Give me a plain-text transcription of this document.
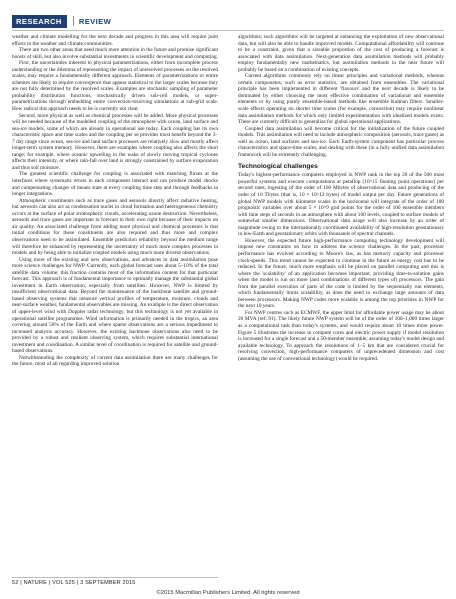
RESEARCH	REVIEW

weather and climate modelling for the next decade and progress in this area will require joint efforts in the weather and climate communities.

There are two other areas that need much more attention in the future and promise significant boosts of skill, but also involve substantial investments in scientific development and computing.

First, the uncertainties inherent to physical parametrizations, either from incomplete process understanding or the dilemma of representing the impact of unresolved processes on the resolved scales, may require a fundamentally different approach. Elements of parametrizations or entire schemes are likely to require convergence that appear statistical to the larger scales because they are not fully determined by the resolved scales. Examples are stochastic sampling of parameter probability distribution functions, stochastically driven sub-cell models, or super-parametrizations through embedding entire convection-resolving simulations at sub-grid scale. How radical this approach needs to be is currently not clear.

Second, more physical as well as chemical processes will be added. More physical processes will be needed because of the modelled coupling of the atmosphere with ocean, land surface and sea-ice models, some of which are already in operational use today. Each coupling has its own characteristic space and time scales and the coupling per se provides most benefit beyond the 3–7 day range since ocean, sea-ice and land surface processes are relatively slow and mostly affect longer-term system memory. However, there are examples where coupling also affects the short range; for example, where oceanic upwelling in the wake of slowly moving tropical cyclones affects their intensity, or where rain-fall over land is strongly constrained by surface evaporation and thus soil moisture.

The greatest scientific challenge for coupling is associated with matching fluxes at the interfaces where systematic errors in each component interact and can produce model shocks and compensating changes of means state at every coupling time step and through feedbacks in longer integrations.

Atmospheric constituents such as trace gases and aerosols directly affect radiative heating, but aerosols can also act as condensation nuclei in cloud formation and heterogeneous chemistry occurs at the surface of polar stratospheric clouds, accelerating ozone destruction. Nevertheless, aerosols and trace gases are important to forecast in their own right because of their impacts on air quality. An associated challenge from adding more physical and chemical processes is that initial conditions for these constituents are also required and thus more and complex observations need to be assimilated. Ensemble prediction reliability beyond the medium range will therefore be enhanced by representing the uncertainty of much more complex processes in models and by being able to initialize coupled models using much more diverse observations.

Using more of the existing and new observations, and advances in data assimilation pose more science challenges for NWP. Currently, each global forecast uses about 5–10% of the total satellite data volume; this fraction contains most of the information content for that particular forecast. This approach is of fundamental importance to optimally manage the substantial global investment in Earth observation, especially from satellites. However, NWP is limited by insufficient observational data. Beyond the maintenance of the backbone satellite and ground-based observing systems that measure vertical profiles of temperature, moisture, clouds and near-surface weather, fundamental observables are missing. An example is the direct observation of upper-level wind with Doppler radar technology, but this technology is not yet available in operational satellite programmes. Wind information is primarily needed in the tropics, an area covering around 50% of the Earth and where sparse observations are a serious impediment to increased analysis accuracy. However, the existing backbone observations also need to be provided by a robust and resilient observing system, which requires substantial international investment and coordination. A similar level of coordination is required for satellite and ground-based observations.

Notwithstanding the complexity of current data assimilation there are many challenges for the future, most of all regarding improved solution

algorithms; such algorithms will be targeted at enhancing the exploitation of new observational data, but will also be able to handle improved models. Computational affordability will continue to be a constraint, given that a sizeable proportion of the cost of producing a forecast is associated with data assimilation. Next-generation data assimilation methods will probably employ fundamentally new mathematics, but assimilation methods in the near future will probably be based on a combination of existing concepts.

Current algorithms commonly rely on linear principles and variational methods, whereas certain components, such as error statistics, are obtained from ensembles. The variational principle has been implemented in different 'flavours' and the next decade is likely to be dominated by either choosing the most effective combination of variational and ensemble elements or by using purely ensemble-based methods like ensemble Kalman filters. Smaller-scale effects operating on shorter time scales (for example, convection) may require nonlinear data assimilation methods for which only limited experimentation with idealized models exists. These are currently difficult to generalize for global operational applications.

Coupled data assimilation will become critical for the initialization of the future coupled models. This assimilation will need to include atmospheric composition (aerosols, trace gases) as well as ocean, land surfaces and sea-ice. Each Earth-system component has particular process characteristics and space-time scales, and dealing with these (in a fully unified data assimilation framework will be extremely challenging.

Technological challenges

Today's highest-performance computers employed in NWP rank in the top 20 of the 500 most powerful systems and execute computations at petaflop (10^15 floating point operations) per second rates, ingesting of the order of 100 Mbytes of observational data and producing of the order of 10 Tbytes (that is, 10 × 10^12 bytes) of model output per day. Future generations of global NWP models with kilometre scales in the horizontal will integrate of the order of 100 prognostic variables over about 5 × 10^9 grid points for the order of 100 ensemble members with time steps of seconds in an atmosphere with about 100 levels, coupled to surface models of somewhat smaller dimensions. Observational data usage will also increase by an order of magnitude owing to the internationally coordinated availability of high-resolution geostationary in low-Earth and geostationary orbits with thousands of spectral channels.

However, the expected future high-performance computing technology development will impose new constraints on how to address the science challenges. In the past, processor performance has evolved according to Moore's law, as has memory capacity and processor clock-speeds. This trend cannot be expected to continue in the future as energy cost has to be reduced. In the future, much more emphasis will be placed on parallel computing and this is where the 'scalability' of an application becomes important, providing time-to-solution gains when the model is run on more (and combinations of different types of) processors. The gain from the parallel execution of parts of the code is limited by the sequentially run elements, which fundamentally limits scalability, as does the need to exchange large amounts of data between processors. Making NWP codes more scalable is among the top priorities in NWP for the next 10 years.

For NWP centres such as ECMWF, the upper limit for affordable power usage may be about 20 MVA (ref. 91). The likely future NWP system will be of the order of 100–1,000 times larger as a computational task than today's systems, and would require about 10 times more power. Figure 5 illustrates the increase in compute cores and electric power supply if model resolution is increased for a single forecast and a 50-member ensemble, assuming today's model design and available technology. To approach the resolutions of 1–5 km that are considered crucial for resolving convection, high-performance computers of unprecedented dimension and cost (assuming the use of conventional technology) would be required.

52 | NATURE | VOL 525 | 3 SEPTEMBER 2015
©2015 Macmillan Publishers Limited. All rights reserved
